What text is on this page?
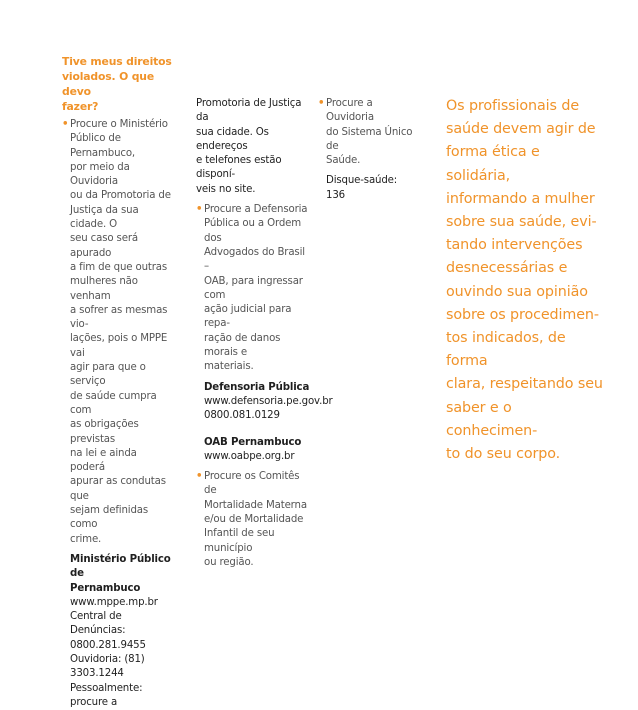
Tive meus direitos
violados. O que devo
fazer?
• Procure o Ministério
Público de Pernambuco,
por meio da Ouvidoria
ou da Promotoria de
Justiça da sua cidade. O
seu caso será apurado
a fim de que outras
mulheres não venham
a sofrer as mesmas vio-
lações, pois o MPPE vai
agir para que o serviço
de saúde cumpra com
as obrigações previstas
na lei e ainda poderá
apurar as condutas que
sejam definidas como
crime.
Ministério Público de
Pernambuco
www.mppe.mp.br
Central de Denúncias:
0800.281.9455
Ouvidoria: (81) 3303.1244
Pessoalmente: procure a
Promotoria de Justiça da
sua cidade. Os endereços
e telefones estão disponí-
veis no site.
• Procure a Defensoria
Pública ou a Ordem dos
Advogados do Brasil –
OAB, para ingressar com
ação judicial para repa-
ração de danos morais e
materiais.
Defensoria Pública
www.defensoria.pe.gov.br
0800.081.0129
OAB Pernambuco
www.oabpe.org.br
• Procure os Comitês de
Mortalidade Materna
e/ou de Mortalidade
Infantil de seu município
ou região.
• Procure a Ouvidoria
do Sistema Único de
Saúde.
Disque-saúde: 136

Os profissionais de

saúde devem agir de

forma ética e solidária,

informando a mulher

sobre sua saúde, evi-

tando intervenções

desnecessárias e

ouvindo sua opinião

sobre os procedimen-

tos indicados, de forma

clara, respeitando seu

saber e o conhecimen-

to do seu corpo.
